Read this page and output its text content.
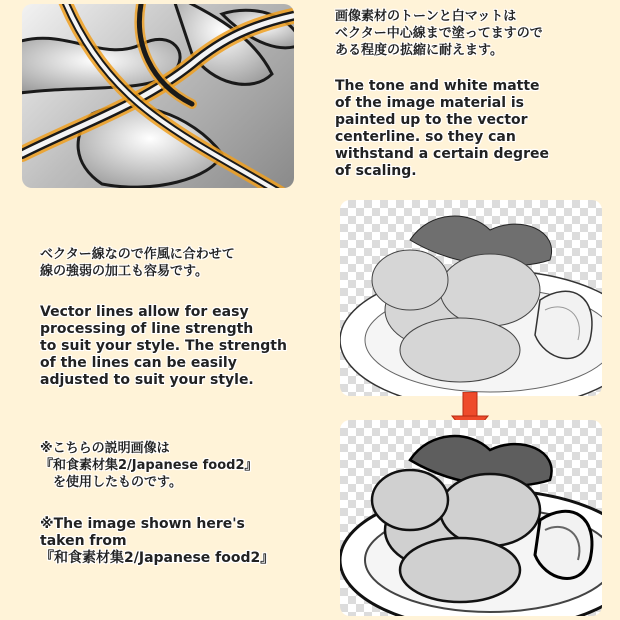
画像素材のトーンと白マットは
ベクター中心線まで塗ってますので
ある程度の拡縮に耐えます。
The tone and white matte
of the image material is
painted up to the vector
centerline. so they can
withstand a certain degree
of scaling.
ベクター線なので作風に合わせて
線の強弱の加工も容易です。
Vector lines allow for easy
processing of line strength
to suit your style. The strength
of the lines can be easily
adjusted to suit your style.
※こちらの説明画像は
『和食素材集2/Japanese food2』
　を使用したものです。
※The image shown here's
taken from
『和食素材集2/Japanese food2』
